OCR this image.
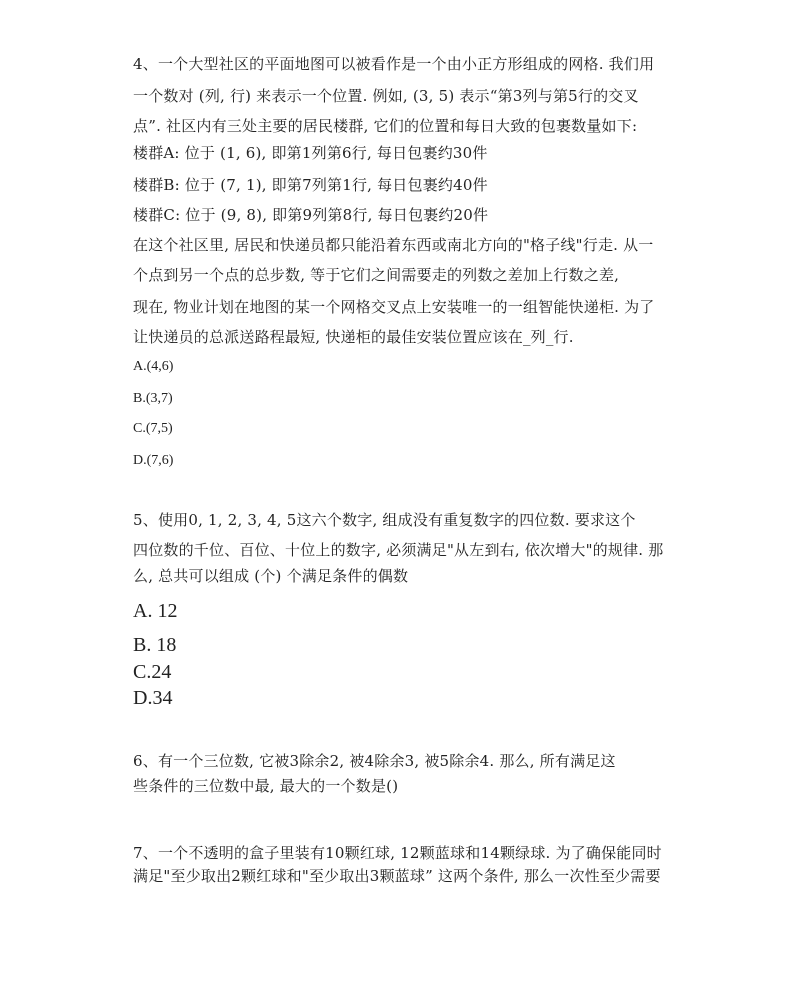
4、一个大型社区的平面地图可以被看作是一个由小正方形组成的网格. 我们用
一个数对 (列, 行) 来表示一个位置. 例如, (3, 5) 表示“第3列与第5行的交叉
点”. 社区内有三处主要的居民楼群, 它们的位置和每日大致的包裹数量如下:
楼群A: 位于 (1, 6), 即第1列第6行, 每日包裹约30件
楼群B: 位于 (7, 1), 即第7列第1行, 每日包裹约40件
楼群C: 位于 (9, 8), 即第9列第8行, 每日包裹约20件
在这个社区里, 居民和快递员都只能沿着东西或南北方向的"格子线"行走. 从一
个点到另一个点的总步数, 等于它们之间需要走的列数之差加上行数之差,
现在, 物业计划在地图的某一个网格交叉点上安装唯一的一组智能快递柜. 为了
让快递员的总派送路程最短, 快递柜的最佳安装位置应该在_列_行.
A.(4,6)
B.(3,7)
C.(7,5)
D.(7,6)
5、使用0, 1, 2, 3, 4, 5这六个数字, 组成没有重复数字的四位数. 要求这个
四位数的千位、百位、十位上的数字, 必须满足"从左到右, 依次增大"的规律. 那
么, 总共可以组成 (个) 个满足条件的偶数
A. 12
B. 18
C.24
D.34
6、有一个三位数, 它被3除余2, 被4除余3, 被5除余4. 那么, 所有满足这
些条件的三位数中最, 最大的一个数是()
7、一个不透明的盒子里装有10颗红球, 12颗蓝球和14颗绿球. 为了确保能同时
满足"至少取出2颗红球和"至少取出3颗蓝球” 这两个条件, 那么一次性至少需要
